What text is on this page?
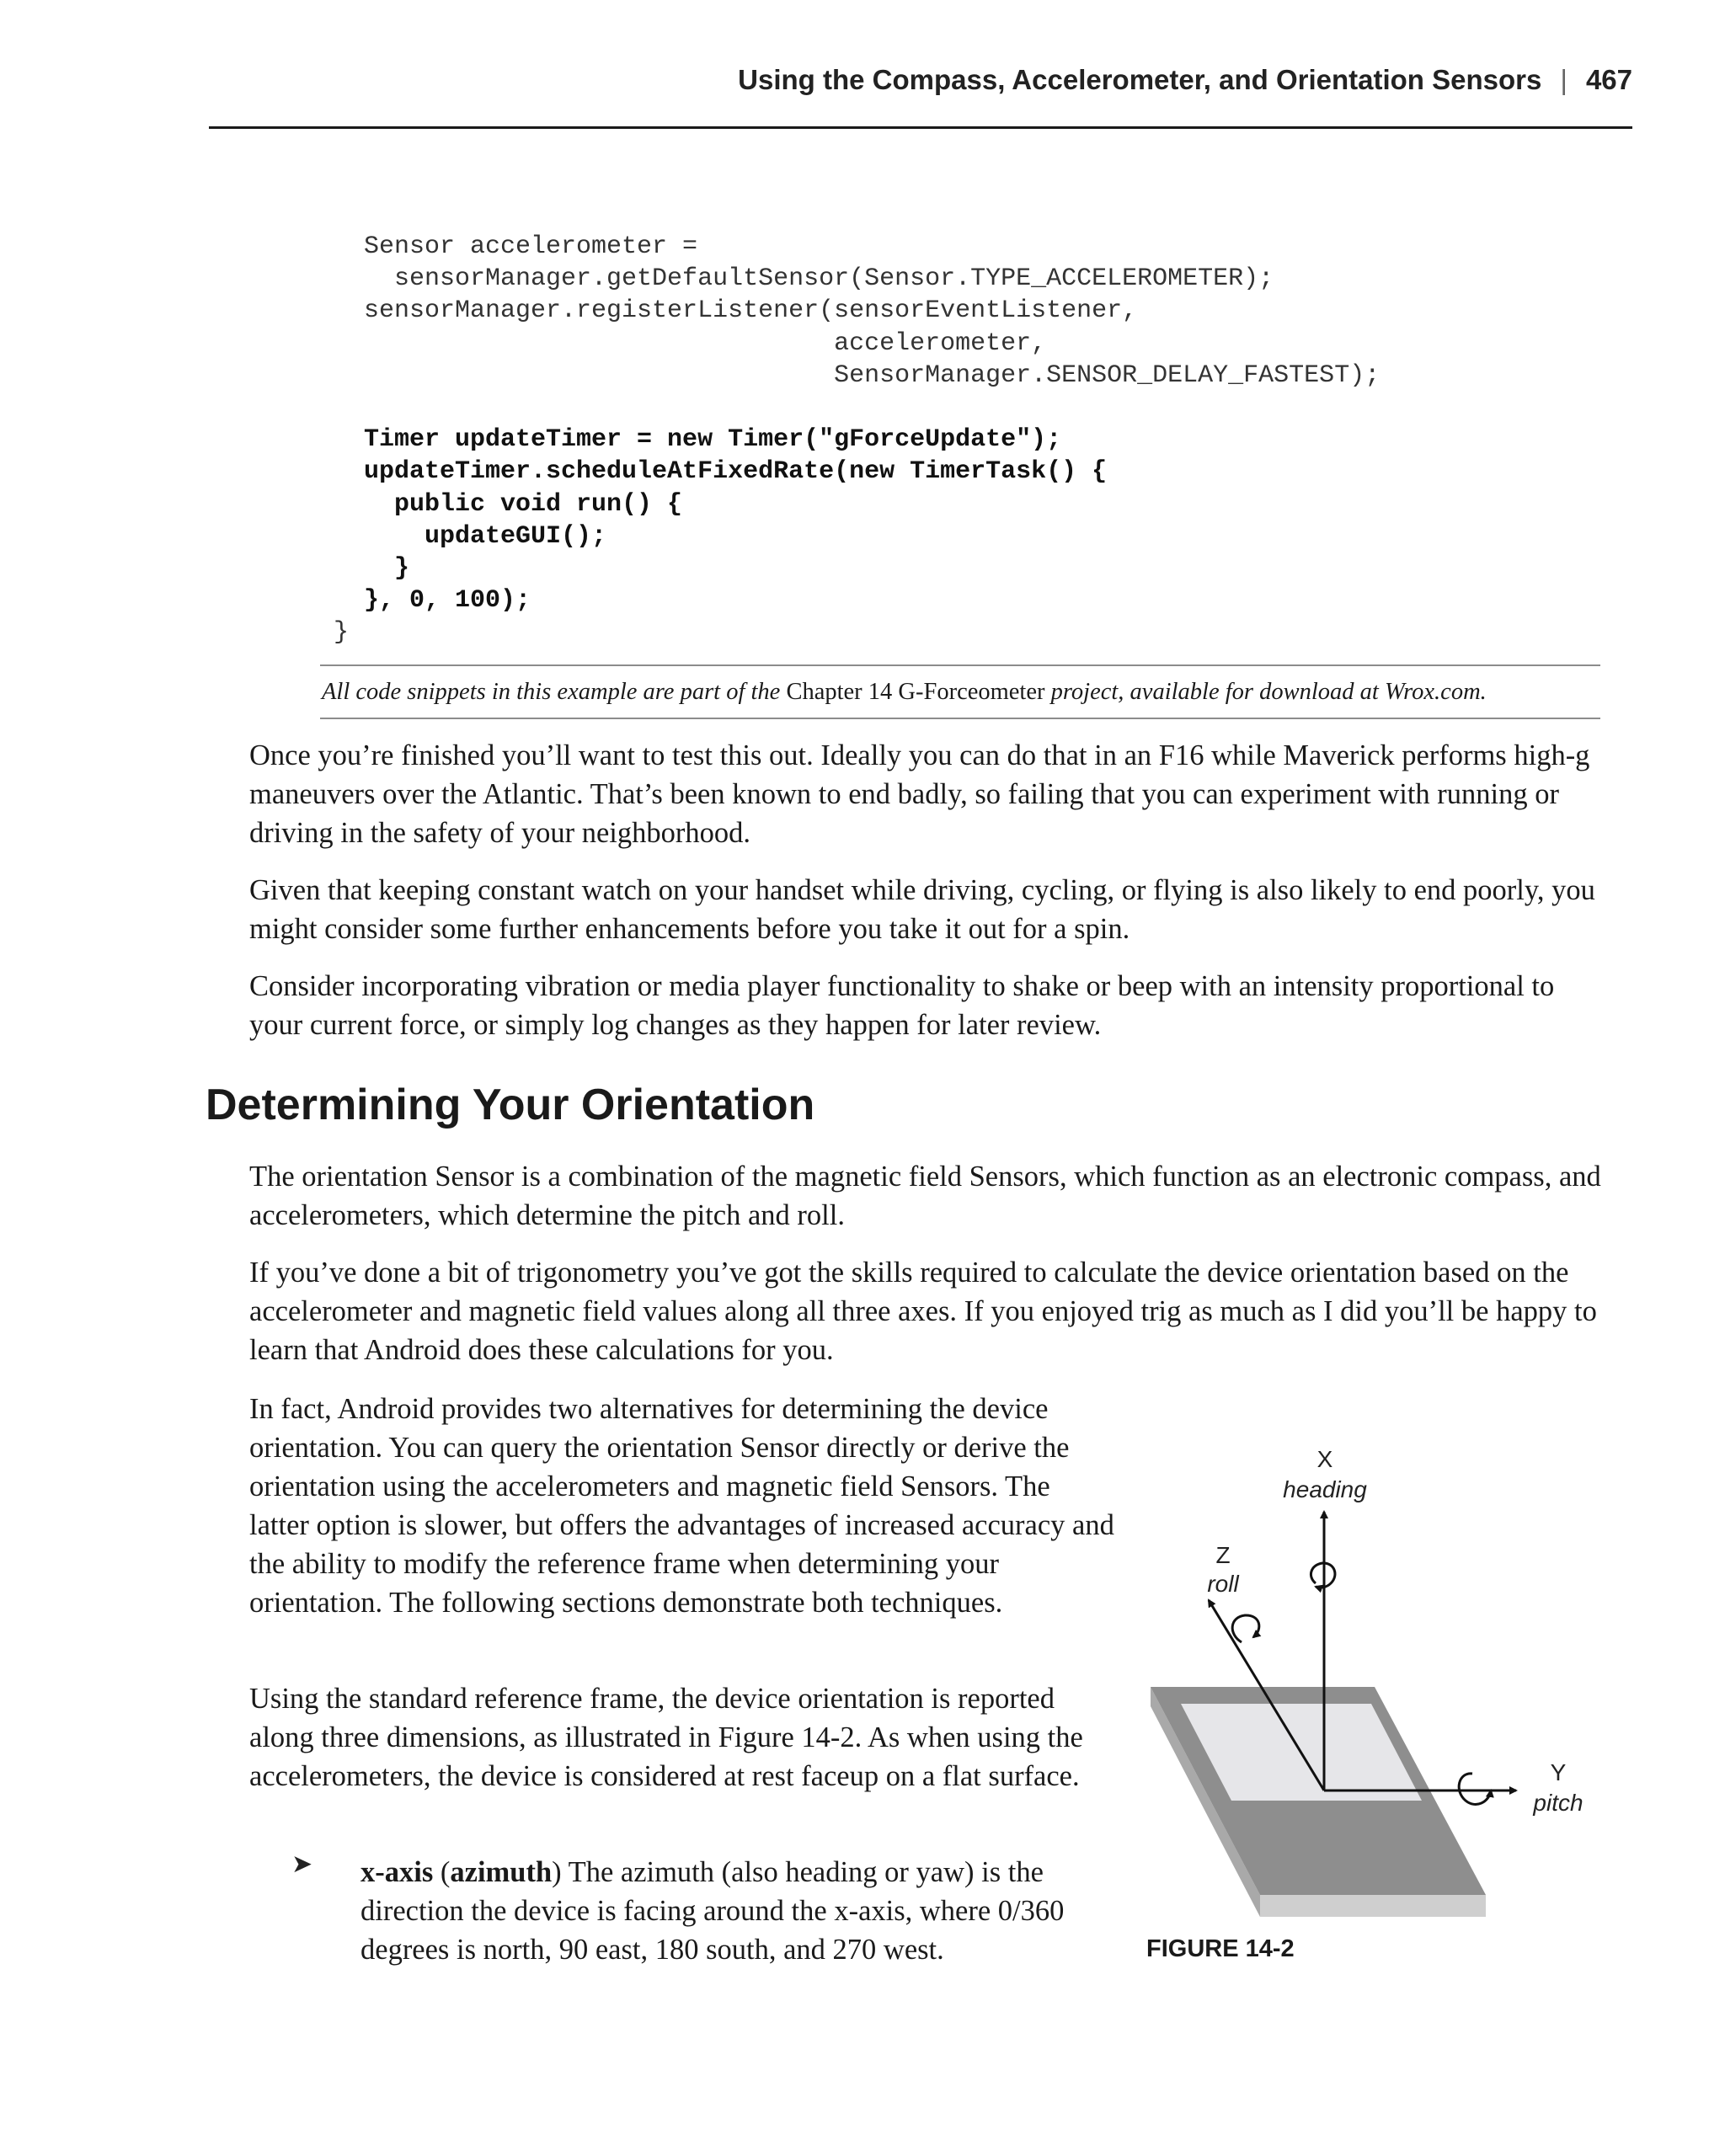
Using the Compass, Accelerometer, and Orientation Sensors | 467
Sensor accelerometer =
sensorManager.getDefaultSensor(Sensor.TYPE_ACCELEROMETER);
sensorManager.registerListener(sensorEventListener,
accelerometer,
SensorManager.SENSOR_DELAY_FASTEST);
Timer updateTimer = new Timer("gForceUpdate");
updateTimer.scheduleAtFixedRate(new TimerTask() {
public void run() {
updateGUI();
}
}, 0, 100);
}
All code snippets in this example are part of the Chapter 14 G-Forceometer project, available for download at Wrox.com.

Once you’re finished you’ll want to test this out. Ideally you can do that in an F16 while Maverick performs high-g maneuvers over the Atlantic. That’s been known to end badly, so failing that you can experiment with running or driving in the safety of your neighborhood.

Given that keeping constant watch on your handset while driving, cycling, or flying is also likely to end poorly, you might consider some further enhancements before you take it out for a spin.

Consider incorporating vibration or media player functionality to shake or beep with an intensity proportional to your current force, or simply log changes as they happen for later review.

Determining Your Orientation

The orientation Sensor is a combination of the magnetic field Sensors, which function as an electronic compass, and accelerometers, which determine the pitch and roll.

If you’ve done a bit of trigonometry you’ve got the skills required to calculate the device orientation based on the accelerometer and magnetic field values along all three axes. If you enjoyed trig as much as I did you’ll be happy to learn that Android does these calculations for you.

In fact, Android provides two alternatives for determining the device orientation. You can query the orientation Sensor directly or derive the orientation using the accelerometers and magnetic field Sensors. The latter option is slower, but offers the advantages of increased accuracy and the ability to modify the reference frame when determining your orientation. The following sections demonstrate both techniques.

Using the standard reference frame, the device orientation is reported along three dimensions, as illustrated in Figure 14-2. As when using the accelerometers, the device is considered at rest faceup on a flat surface.

➤ x-axis (azimuth) The azimuth (also heading or yaw) is the direction the device is facing around the x-axis, where 0/360 degrees is north, 90 east, 180 south, and 270 west.

X
heading
Z
roll
Y
pitch

FIGURE 14-2
